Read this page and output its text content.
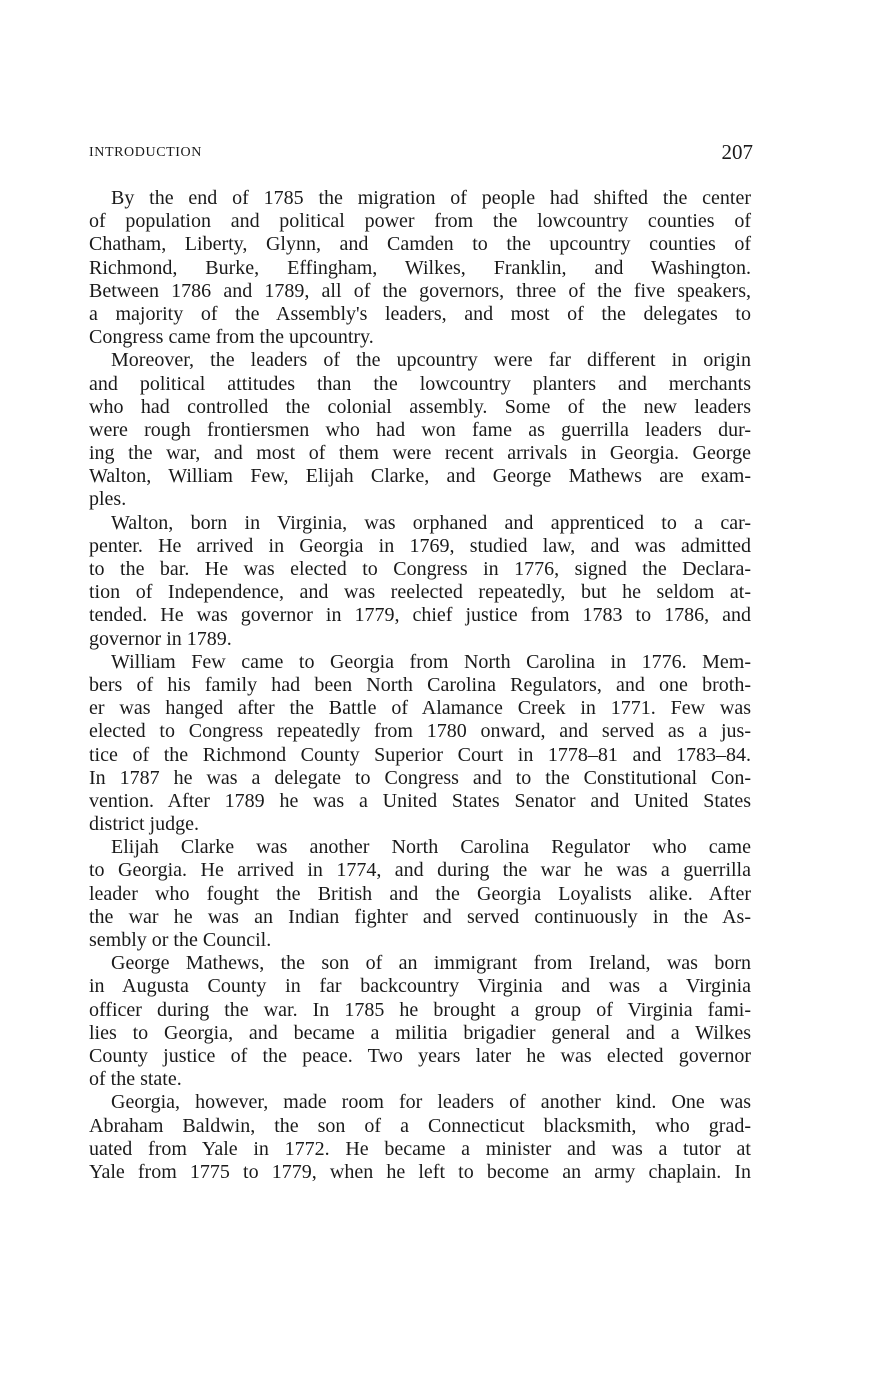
INTRODUCTION	207
By the end of 1785 the migration of people had shifted the center
of population and political power from the lowcountry counties of
Chatham, Liberty, Glynn, and Camden to the upcountry counties of
Richmond, Burke, Effingham, Wilkes, Franklin, and Washington.
Between 1786 and 1789, all of the governors, three of the five speakers,
a majority of the Assembly's leaders, and most of the delegates to
Congress came from the upcountry.
Moreover, the leaders of the upcountry were far different in origin
and political attitudes than the lowcountry planters and merchants
who had controlled the colonial assembly. Some of the new leaders
were rough frontiersmen who had won fame as guerrilla leaders dur-
ing the war, and most of them were recent arrivals in Georgia. George
Walton, William Few, Elijah Clarke, and George Mathews are exam-
ples.
Walton, born in Virginia, was orphaned and apprenticed to a car-
penter. He arrived in Georgia in 1769, studied law, and was admitted
to the bar. He was elected to Congress in 1776, signed the Declara-
tion of Independence, and was reelected repeatedly, but he seldom at-
tended. He was governor in 1779, chief justice from 1783 to 1786, and
governor in 1789.
William Few came to Georgia from North Carolina in 1776. Mem-
bers of his family had been North Carolina Regulators, and one broth-
er was hanged after the Battle of Alamance Creek in 1771. Few was
elected to Congress repeatedly from 1780 onward, and served as a jus-
tice of the Richmond County Superior Court in 1778–81 and 1783–84.
In 1787 he was a delegate to Congress and to the Constitutional Con-
vention. After 1789 he was a United States Senator and United States
district judge.
Elijah Clarke was another North Carolina Regulator who came
to Georgia. He arrived in 1774, and during the war he was a guerrilla
leader who fought the British and the Georgia Loyalists alike. After
the war he was an Indian fighter and served continuously in the As-
sembly or the Council.
George Mathews, the son of an immigrant from Ireland, was born
in Augusta County in far backcountry Virginia and was a Virginia
officer during the war. In 1785 he brought a group of Virginia fami-
lies to Georgia, and became a militia brigadier general and a Wilkes
County justice of the peace. Two years later he was elected governor
of the state.
Georgia, however, made room for leaders of another kind. One was
Abraham Baldwin, the son of a Connecticut blacksmith, who grad-
uated from Yale in 1772. He became a minister and was a tutor at
Yale from 1775 to 1779, when he left to become an army chaplain. In
